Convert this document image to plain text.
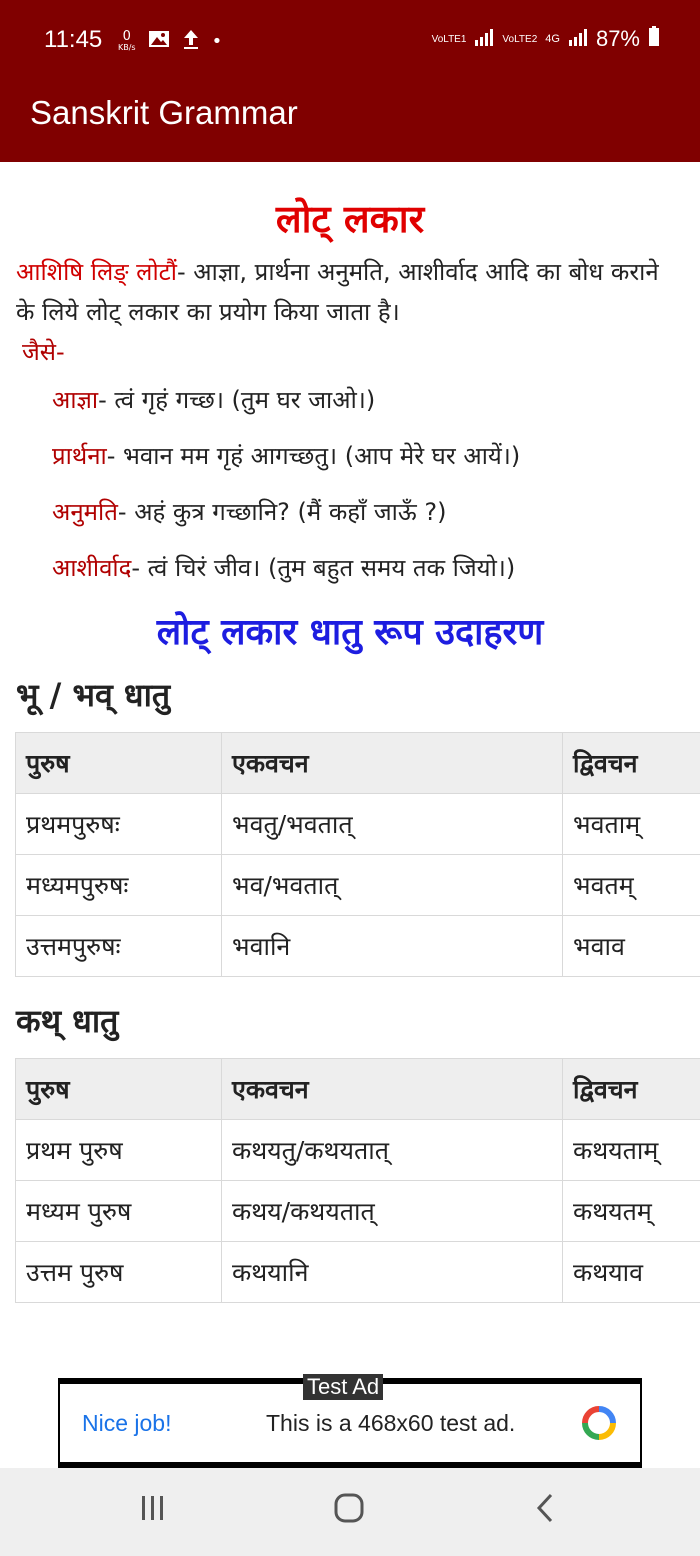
11:45	0
KB/s	•	VoLTE1	VoLTE2 4G 87%
Sanskrit Grammar
लोट् लकार

आशिषि लिङ् लोटौं- आज्ञा, प्रार्थना अनुमति, आशीर्वाद आदि का बोध कराने के लिये लोट् लकार का प्रयोग किया जाता है।

जैसे-
आज्ञा- त्वं गृहं गच्छ। (तुम घर जाओ।)
प्रार्थना- भवान मम गृहं आगच्छतु। (आप मेरे घर आयें।)
अनुमति- अहं कुत्र गच्छानि? (मैं कहाँ जाऊँ ?)
आशीर्वाद- त्वं चिरं जीव। (तुम बहुत समय तक जियो।)
लोट् लकार धातु रूप उदाहरण
भू / भव् धातु
पुरुष	एकवचन	द्विवचन
प्रथमपुरुषः	भवतु/भवतात्	भवताम्
मध्यमपुरुषः	भव/भवतात्	भवतम्
उत्तमपुरुषः	भवानि	भवाव
कथ् धातु
पुरुष	एकवचन	द्विवचन
प्रथम पुरुष	कथयतु/कथयतात्	कथयताम्
मध्यम पुरुष	कथय/कथयतात्	कथयतम्
उत्तम पुरुष	कथयानि	कथयाव
Nice job!	This is a 468x60 test ad.
Test Ad
